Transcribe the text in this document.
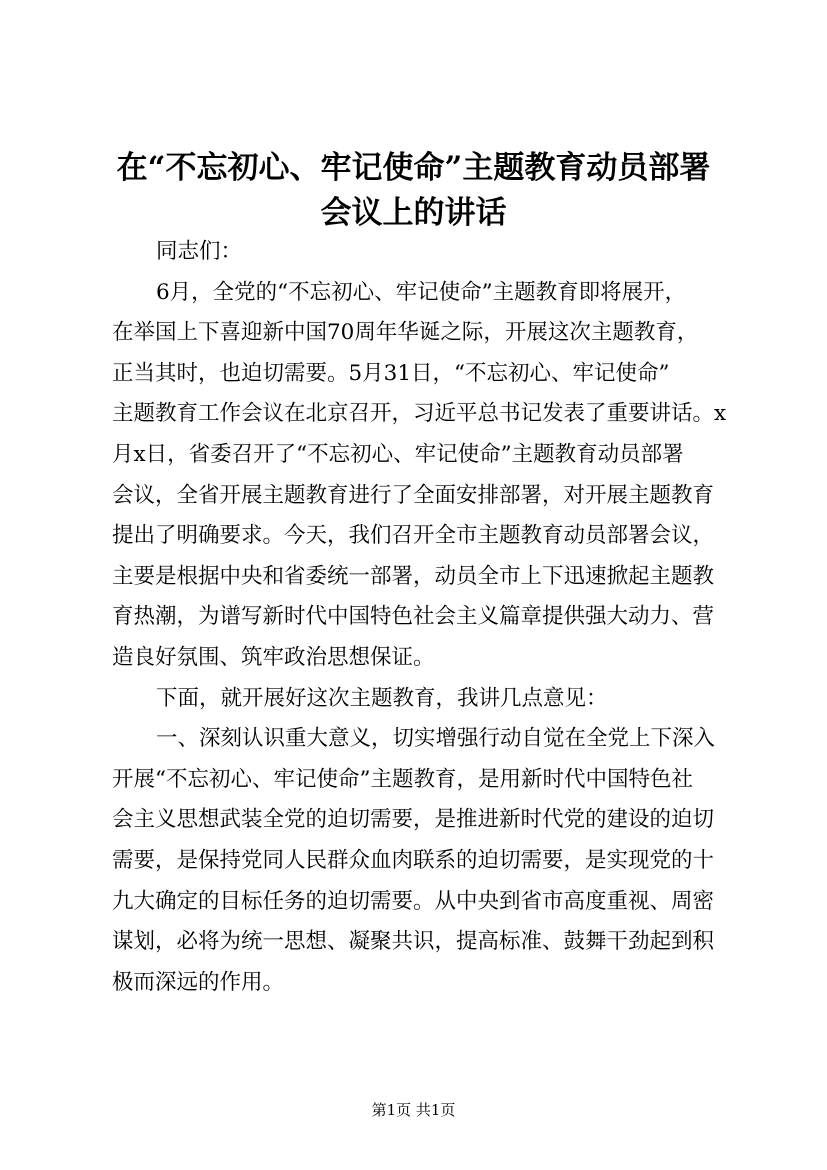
在“不忘初心、牢记使命”主题教育动员部署
会议上的讲话
同志们：
6月，全党的“不忘初心、牢记使命”主题教育即将展开，
在举国上下喜迎新中国70周年华诞之际，开展这次主题教育，
正当其时，也迫切需要。5月31日，“不忘初心、牢记使命”
主题教育工作会议在北京召开，习近平总书记发表了重要讲话。x
月x日，省委召开了“不忘初心、牢记使命”主题教育动员部署
会议，全省开展主题教育进行了全面安排部署，对开展主题教育
提出了明确要求。今天，我们召开全市主题教育动员部署会议，
主要是根据中央和省委统一部署，动员全市上下迅速掀起主题教
育热潮，为谱写新时代中国特色社会主义篇章提供强大动力、营
造良好氛围、筑牢政治思想保证。
下面，就开展好这次主题教育，我讲几点意见：
一、深刻认识重大意义，切实增强行动自觉在全党上下深入
开展“不忘初心、牢记使命”主题教育，是用新时代中国特色社
会主义思想武装全党的迫切需要，是推进新时代党的建设的迫切
需要，是保持党同人民群众血肉联系的迫切需要，是实现党的十
九大确定的目标任务的迫切需要。从中央到省市高度重视、周密
谋划，必将为统一思想、凝聚共识，提高标准、鼓舞干劲起到积
极而深远的作用。
第1页 共1页
